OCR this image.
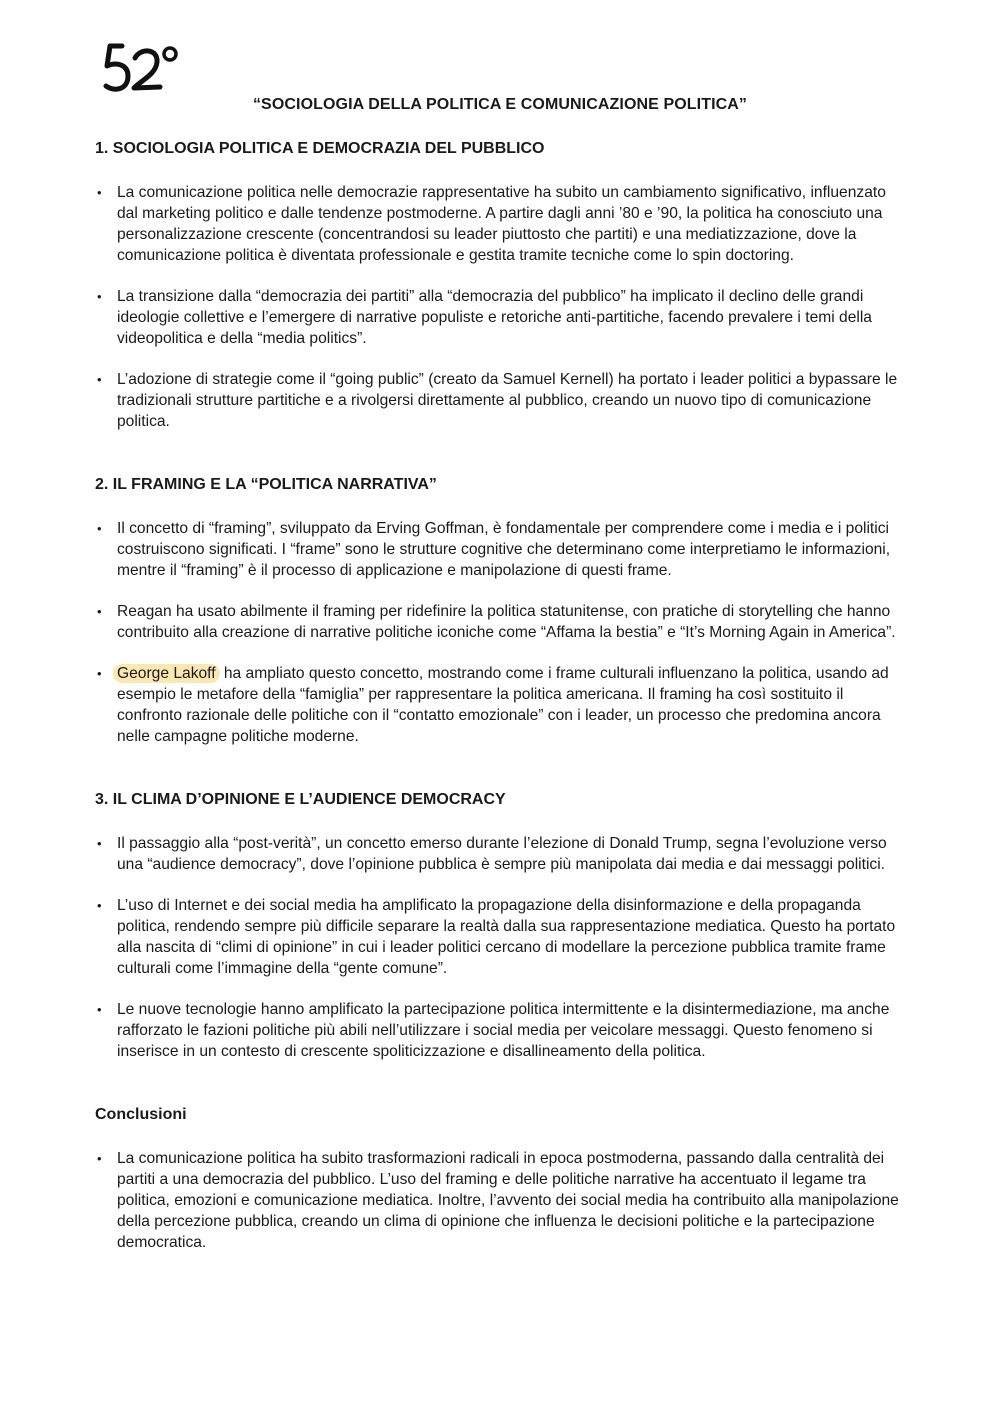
“SOCIOLOGIA DELLA POLITICA E COMUNICAZIONE POLITICA”
1. SOCIOLOGIA POLITICA E DEMOCRAZIA DEL PUBBLICO
• La comunicazione politica nelle democrazie rappresentative ha subito un cambiamento significativo, influenzato dal marketing politico e dalle tendenze postmoderne. A partire dagli anni ’80 e ’90, la politica ha conosciuto una personalizzazione crescente (concentrandosi su leader piuttosto che partiti) e una mediatizzazione, dove la comunicazione politica è diventata professionale e gestita tramite tecniche come lo spin doctoring.
• La transizione dalla “democrazia dei partiti” alla “democrazia del pubblico” ha implicato il declino delle grandi ideologie collettive e l’emergere di narrative populiste e retoriche anti-partitiche, facendo prevalere i temi della videopolitica e della “media politics”.
• L’adozione di strategie come il “going public” (creato da Samuel Kernell) ha portato i leader politici a bypassare le tradizionali strutture partitiche e a rivolgersi direttamente al pubblico, creando un nuovo tipo di comunicazione politica.
2. IL FRAMING E LA “POLITICA NARRATIVA”
• Il concetto di “framing”, sviluppato da Erving Goffman, è fondamentale per comprendere come i media e i politici costruiscono significati. I “frame” sono le strutture cognitive che determinano come interpretiamo le informazioni, mentre il “framing” è il processo di applicazione e manipolazione di questi frame.
• Reagan ha usato abilmente il framing per ridefinire la politica statunitense, con pratiche di storytelling che hanno contribuito alla creazione di narrative politiche iconiche come “Affama la bestia” e “It’s Morning Again in America”.
• George Lakoff ha ampliato questo concetto, mostrando come i frame culturali influenzano la politica, usando ad esempio le metafore della “famiglia” per rappresentare la politica americana. Il framing ha così sostituito il confronto razionale delle politiche con il “contatto emozionale” con i leader, un processo che predomina ancora nelle campagne politiche moderne.
3. IL CLIMA D’OPINIONE E L’AUDIENCE DEMOCRACY
• Il passaggio alla “post-verità”, un concetto emerso durante l’elezione di Donald Trump, segna l’evoluzione verso una “audience democracy”, dove l’opinione pubblica è sempre più manipolata dai media e dai messaggi politici.
• L’uso di Internet e dei social media ha amplificato la propagazione della disinformazione e della propaganda politica, rendendo sempre più difficile separare la realtà dalla sua rappresentazione mediatica. Questo ha portato alla nascita di “climi di opinione” in cui i leader politici cercano di modellare la percezione pubblica tramite frame culturali come l’immagine della “gente comune”.
• Le nuove tecnologie hanno amplificato la partecipazione politica intermittente e la disintermediazione, ma anche rafforzato le fazioni politiche più abili nell’utilizzare i social media per veicolare messaggi. Questo fenomeno si inserisce in un contesto di crescente spoliticizzazione e disallineamento della politica.
Conclusioni
• La comunicazione politica ha subito trasformazioni radicali in epoca postmoderna, passando dalla centralità dei partiti a una democrazia del pubblico. L’uso del framing e delle politiche narrative ha accentuato il legame tra politica, emozioni e comunicazione mediatica. Inoltre, l’avvento dei social media ha contribuito alla manipolazione della percezione pubblica, creando un clima di opinione che influenza le decisioni politiche e la partecipazione democratica.
